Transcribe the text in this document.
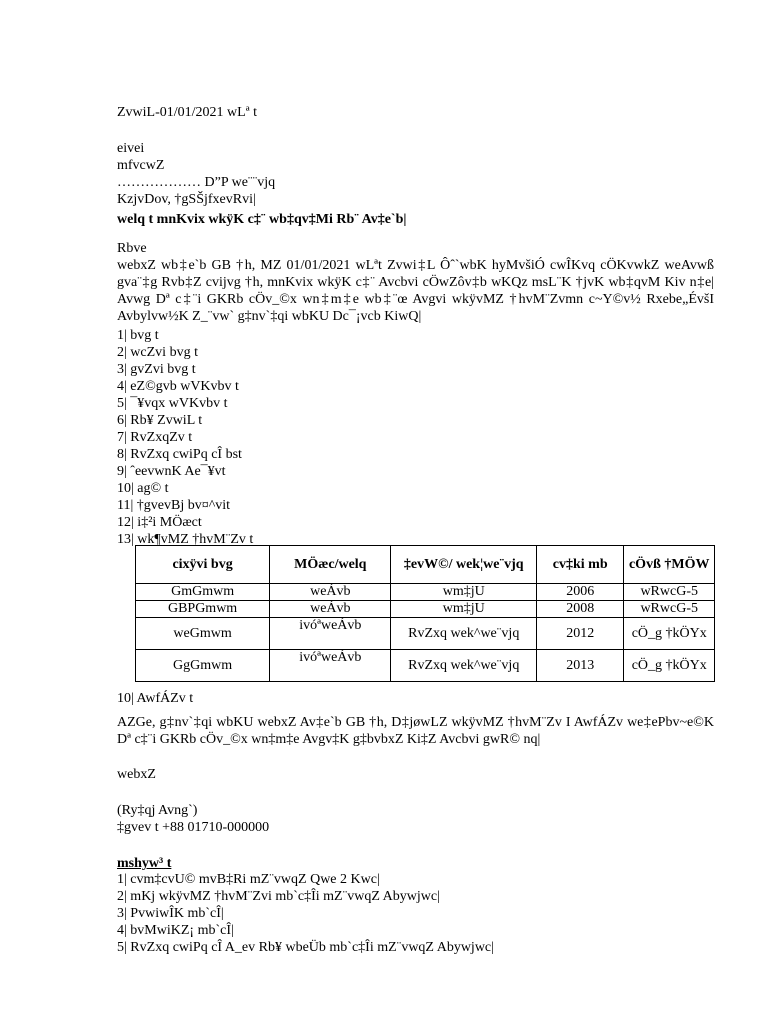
ZvwiL-01/01/2021 wLª t
eivei
mfvcwZ
……………… D”P we¨¨vjq
KzjvDov, †gSŠjfxevRvi|
welq t mnKvix wkÿK c‡¨ wb‡qv‡Mi Rb¨ Av‡e`b|
Rbve
webxZ wb‡e`b GB †h, MZ 01/01/2021 wLªt Zvwi‡L Ôˆ`wbK hyMvšiÓ cwÎKvq cÖKvwkZ weAvwß gva¨‡g Rvb‡Z cvijvg †h, mnKvix wkÿK c‡¨ Avcbvi cÖwZôv‡b wKQz msL¨K †jvK wb‡qvM Kiv n‡e| Avwg Dª c‡¨i GKRb cÖv_©x wn‡m‡e wb‡¨œ Avgvi wkÿvMZ †hvM¨Zvmn c~Y©v½ Rxebe„ÉvšI Avbylvw½K Z_¨vw` g‡nv`‡qi wbKU Dc¯¡vcb KiwQ|
1| bvg t
2| wcZvi bvg t
3| gvZvi bvg t
4| eZ©gvb wVKvbv t
5| ¯¥vqx wVKvbv t
6| Rb¥ ZvwiL t
7| RvZxqZv t
8| RvZxq cwiPq cÎ bst
9| ˆeevwnK Ae¯¥vt
10| ag© t
11| †gvevBj bv¤^vit
12| i‡²i MÖæct
13| wk¶vMZ †hvM¨Zv t
cixÿvi bvg	MÖæc/welq	‡evW©/ wek¦we¨vjq	cv‡ki mb	cÖvß †MÖW
GmGmwm	weÁvb	wm‡jU	2006	wRwcG-5
GBPGmwm	weÁvb	wm‡jU	2008	wRwcG-5
weGmwm	ivóªweÁvb	RvZxq wek^we¨vjq	2012	cÖ_g †kÖYx
GgGmwm	ivóªweÁvb	RvZxq wek^we¨vjq	2013	cÖ_g †kÖYx
10| AwfÁZv t
AZGe, g‡nv`‡qi wbKU webxZ Av‡e`b GB †h, D‡jøwLZ wkÿvMZ †hvM¨Zv I AwfÁZv we‡ePbv~e©K Dª c‡¨i GKRb cÖv_©x wn‡m‡e Avgv‡K g‡bvbxZ Ki‡Z Avcbvi gwR© nq|
webxZ
(Ry‡qj Avng`)
‡gvev t +88 01710-000000
mshyw³ t
1| cvm‡cvU© mvB‡Ri mZ¨vwqZ Qwe 2 Kwc|
2| mKj wkÿvMZ †hvM¨Zvi mb`c‡Îi mZ¨vwqZ Abywjwc|
3| PvwiwÎK mb`cÎ|
4| bvMwiKZ¡ mb`cÎ|
5| RvZxq cwiPq cÎ A_ev Rb¥ wbeÜb mb`c‡Îi mZ¨vwqZ Abywjwc|
